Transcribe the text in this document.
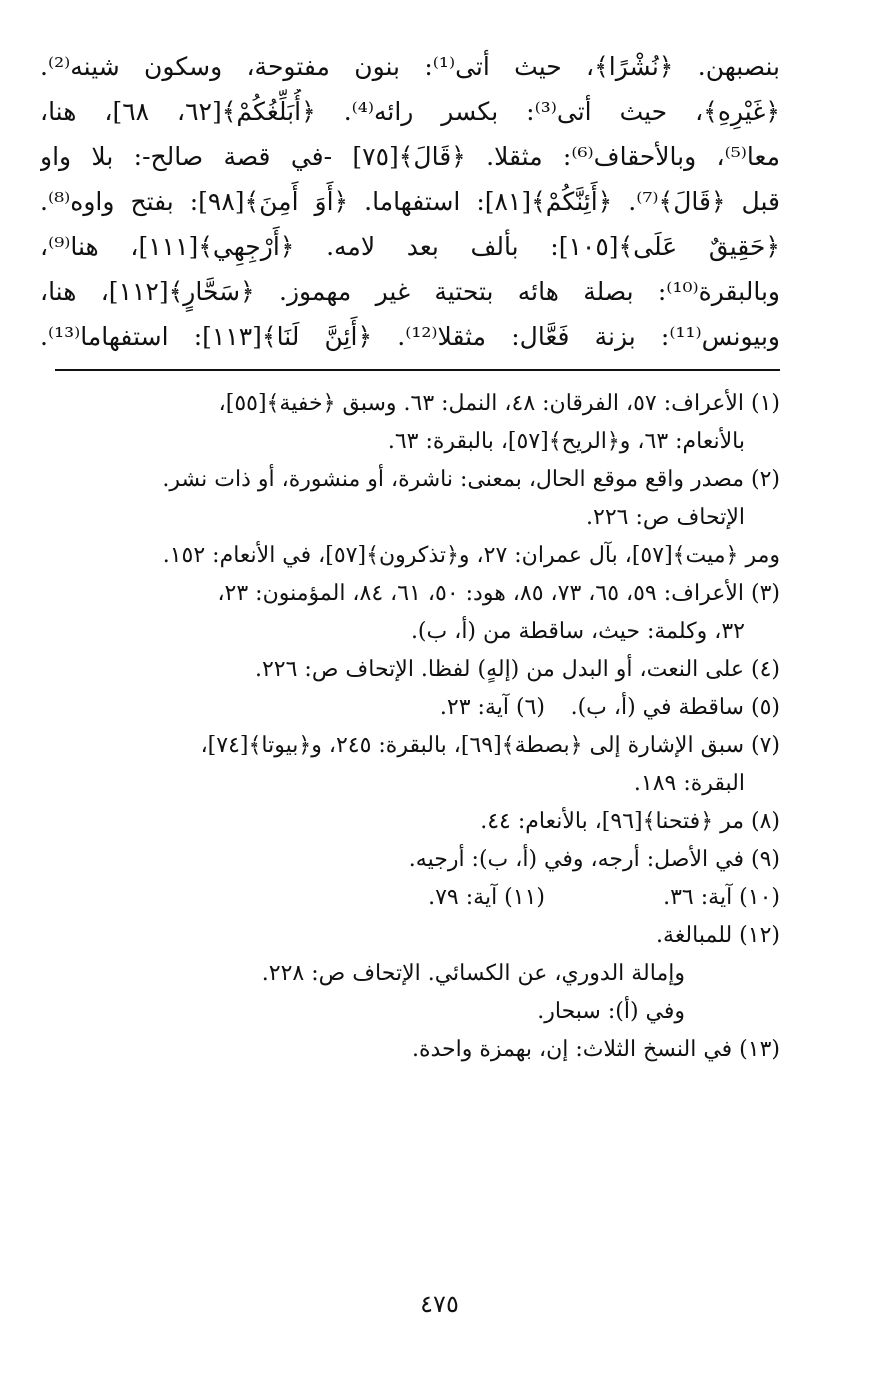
بنصبهن. ﴿نُشْرًا﴾، حيث أتى⁽¹⁾: بنون مفتوحة، وسكون شينه⁽²⁾.

﴿غَيْرِهِ﴾، حيث أتى⁽³⁾: بكسر رائه⁽⁴⁾. ﴿أُبَلِّغُكُمْ﴾[٦٢، ٦٨]، هنا،

معا⁽⁵⁾، وبالأحقاف⁽⁶⁾: مثقلا. ﴿قَالَ﴾[٧٥] -في قصة صالح-: بلا واو

قبل ﴿قَالَ﴾⁽⁷⁾. ﴿أَئِنَّكُمْ﴾[٨١]: استفهاما. ﴿أَوَ أَمِنَ﴾[٩٨]: بفتح واوه⁽⁸⁾.

﴿حَقِيقٌ عَلَى﴾[١٠٥]: بألف بعد لامه. ﴿أَرْجِهِي﴾[١١١]، هنا⁽⁹⁾،

وبالبقرة⁽¹⁰⁾: بصلة هائه بتحتية غير مهموز. ﴿سَحَّارٍ﴾[١١٢]، هنا،

وبيونس⁽¹¹⁾: بزنة فَعَّال: مثقلا⁽¹²⁾. ﴿أَئِنَّ لَنَا﴾[١١٣]: استفهاما⁽¹³⁾.

(١) الأعراف: ٥٧، الفرقان: ٤٨، النمل: ٦٣. وسبق ﴿خفية﴾[٥٥]،

بالأنعام: ٦٣، و﴿الريح﴾[٥٧]، بالبقرة: ٦٣.

(٢) مصدر واقع موقع الحال، بمعنى: ناشرة، أو منشورة، أو ذات نشر.

الإتحاف ص: ٢٢٦.

ومر ﴿ميت﴾[٥٧]، بآل عمران: ٢٧، و﴿تذكرون﴾[٥٧]، في الأنعام: ١٥٢.

(٣) الأعراف: ٥٩، ٦٥، ٧٣، ٨٥، هود: ٥٠، ٦١، ٨٤، المؤمنون: ٢٣،

٣٢، وكلمة: حيث، ساقطة من (أ، ب).

(٤) على النعت، أو البدل من (إلهٍ) لفظا. الإتحاف ص: ٢٢٦.

(٥) ساقطة في (أ، ب).
(٦) آية: ٢٣.

(٧) سبق الإشارة إلى ﴿بصطة﴾[٦٩]، بالبقرة: ٢٤٥، و﴿بيوتا﴾[٧٤]،

البقرة: ١٨٩.

(٨) مر ﴿فتحنا﴾[٩٦]، بالأنعام: ٤٤.

(٩) في الأصل: أرجه، وفي (أ، ب): أرجيه.

(١٠) آية: ٣٦.
(١١) آية: ٧٩.

(١٢) للمبالغة.

وإمالة الدوري، عن الكسائي. الإتحاف ص: ٢٢٨.

وفي (أ): سبحار.

(١٣) في النسخ الثلاث: إن، بهمزة واحدة.

٤٧٥
